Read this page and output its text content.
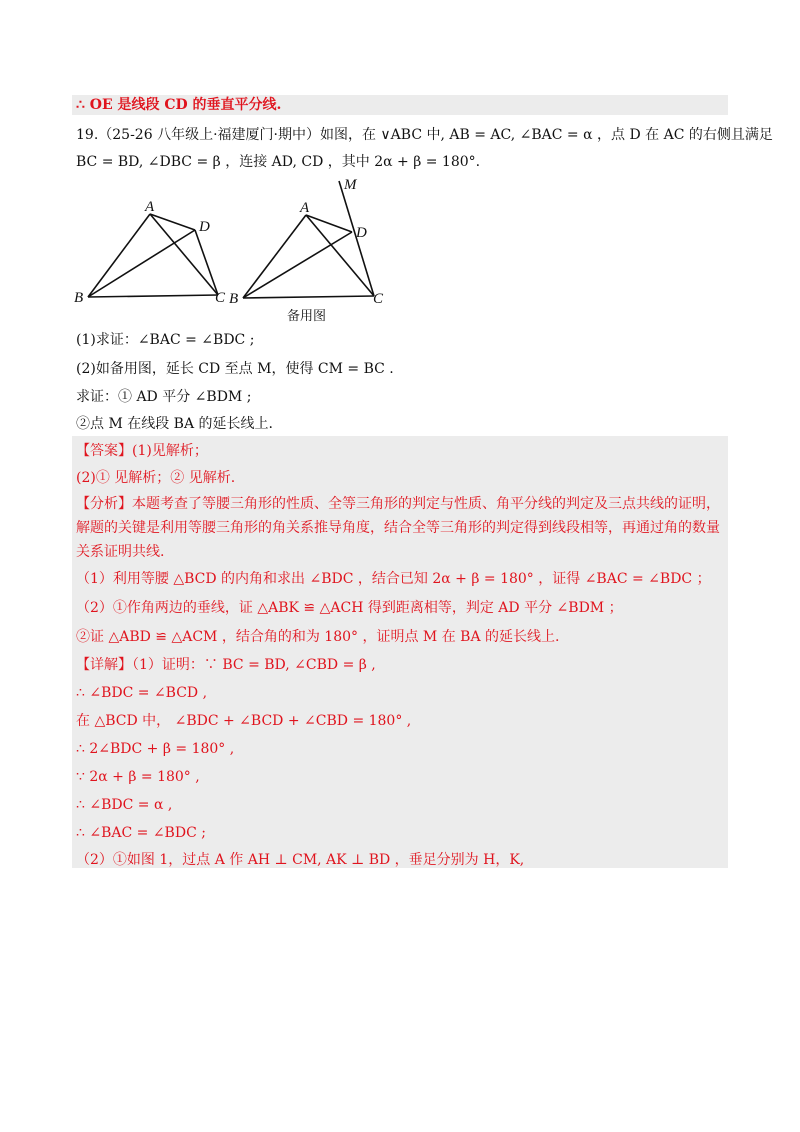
∴ OE 是线段 CD 的垂直平分线.
19.（25-26 八年级上·福建厦门·期中）如图，在 ∨ABC 中, AB = AC, ∠BAC = α ，点 D 在 AC 的右侧且满足
BC = BD, ∠DBC = β ，连接 AD, CD ，其中 2α + β = 180°.
A
D
B	C
M
A
D
B	C
备用图
(1)求证：∠BAC = ∠BDC ;
(2)如备用图，延长 CD 至点 M，使得 CM = BC .
求证：① AD 平分 ∠BDM ;
②点 M 在线段 BA 的延长线上.
【答案】(1)见解析；
(2)① 见解析；② 见解析.
【分析】本题考查了等腰三角形的性质、全等三角形的判定与性质、角平分线的判定及三点共线的证明，
解题的关键是利用等腰三角形的角关系推导角度，结合全等三角形的判定得到线段相等，再通过角的数量
关系证明共线.
（1）利用等腰 △BCD 的内角和求出 ∠BDC ，结合已知 2α + β = 180° ，证得 ∠BAC = ∠BDC ；
（2）①作角两边的垂线，证 △ABK ≌ △ACH 得到距离相等，判定 AD 平分 ∠BDM ；
②证 △ABD ≌ △ACM ，结合角的和为 180° ，证明点 M 在 BA 的延长线上.
【详解】（1）证明：∵ BC = BD, ∠CBD = β ,
∴ ∠BDC = ∠BCD ,
在 △BCD 中， ∠BDC + ∠BCD + ∠CBD = 180° ,
∴ 2∠BDC + β = 180° ,
∵ 2α + β = 180° ,
∴ ∠BDC = α ,
∴ ∠BAC = ∠BDC ;
（2）①如图 1，过点 A 作 AH ⊥ CM, AK ⊥ BD ，垂足分别为 H，K,
